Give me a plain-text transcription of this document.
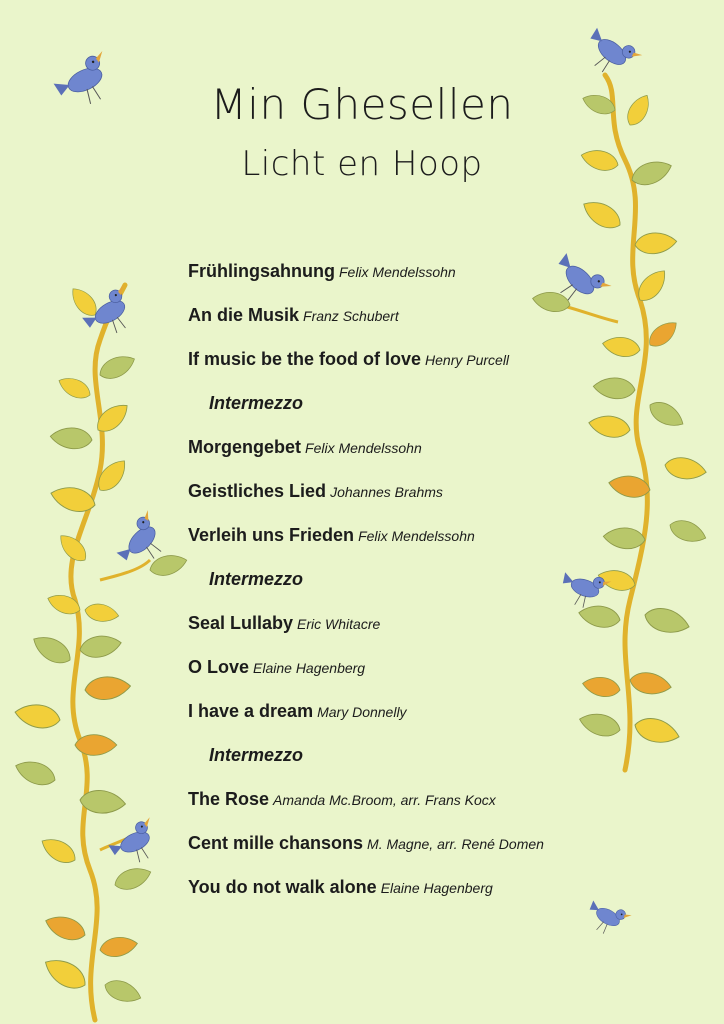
Min Ghesellen
Licht en Hoop
Frühlingsahnung Felix Mendelssohn
An die Musik Franz Schubert
If music be the food of love Henry Purcell
Intermezzo
Morgengebet Felix Mendelssohn
Geistliches Lied Johannes Brahms
Verleih uns Frieden Felix Mendelssohn
Intermezzo
Seal Lullaby Eric Whitacre
O Love Elaine Hagenberg
I have a dream Mary Donnelly
Intermezzo
The Rose Amanda Mc.Broom, arr. Frans Kocx
Cent mille chansons M. Magne, arr. René Domen
You do not walk alone Elaine Hagenberg
